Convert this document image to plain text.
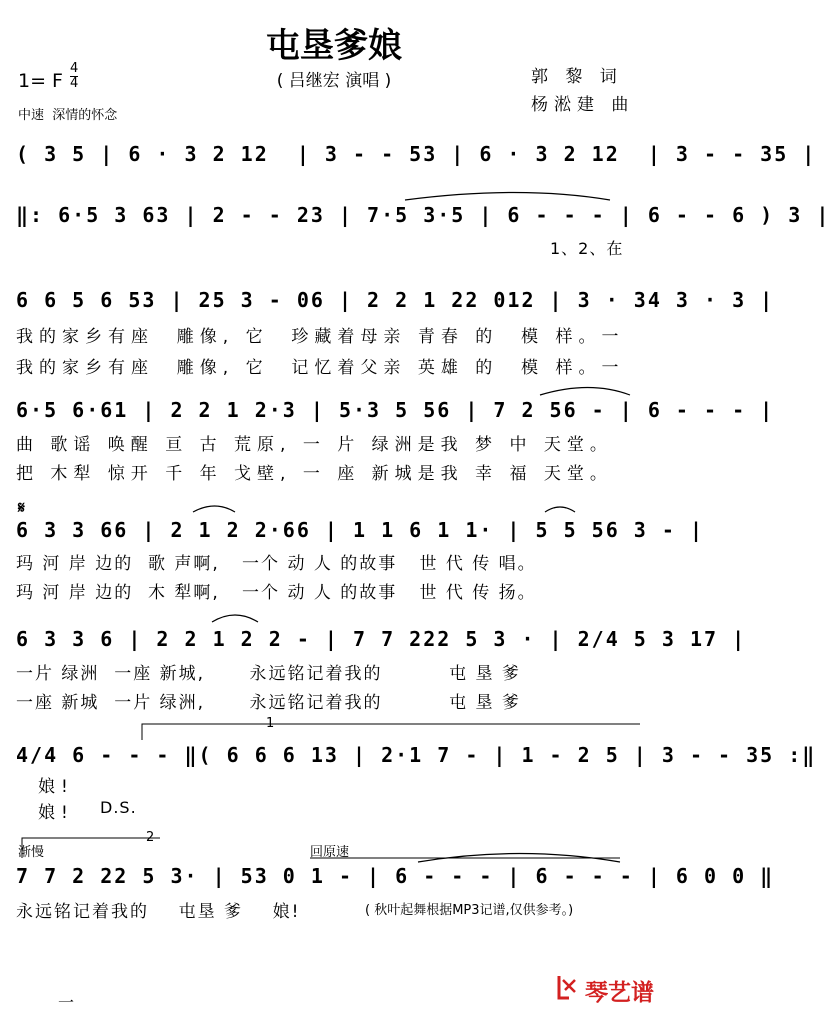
屯垦爹娘
( 吕继宏 演唱 )	郭 黎 词
杨淞建 曲
1= F
4
4
中速  深情的怀念
( 3 5 | 6 · 3 2 12  | 3 - - 53 | 6 · 3 2 12  | 3 - - 35 |
‖: 6·5 3 63 | 2 - - 23 | 7·5 3·5 | 6 - - - | 6 - - 6 ) 3 |
1、2、在
6 6 5 6 53 | 25 3 - 06 | 2 2 1 22 012 | 3 · 34 3 · 3 |
我的家乡有座  雕像, 它  珍藏着母亲 青春 的  模 样。一
我的家乡有座  雕像, 它  记忆着父亲 英雄 的  模 样。一
6·5 6·61 | 2 2 1 2·3 | 5·3 5 56 | 7 2 56 - | 6 - - - |
曲 歌谣 唤醒 亘 古 荒原, 一 片 绿洲是我 梦 中 天堂。
把 木犁 惊开 千 年 戈壁, 一 座 新城是我 幸 福 天堂。
𝄋
6 3 3 66 | 2 1 2 2·66 | 1 1 6 1 1· | 5 5 56 3 - |
玛 河 岸 边的  歌 声啊,   一个 动 人 的故事   世 代 传 唱。
玛 河 岸 边的  木 犁啊,   一个 动 人 的故事   世 代 传 扬。
6 3 3 6 | 2 2 1 2 2 - | 7 7 222 5 3 · | 2/4 5 3 17 |
一片 绿洲  一座 新城,      永远铭记着我的         屯 垦 爹
一座 新城  一片 绿洲,      永远铭记着我的         屯 垦 爹
1
4/4 6 - - - ‖( 6 6 6 13 | 2·1 7 - | 1 - 2 5 | 3 - - 35 :‖
娘!
娘! D.S.
2
渐慢	回原速
7 7 2 22 5 3· | 53 0 1 - | 6 - - - | 6 - - - | 6 0 0 ‖
永远铭记着我的    屯垦 爹    娘!	( 秋叶起舞根据MP3记谱,仅供参考。)
一	琴艺谱
